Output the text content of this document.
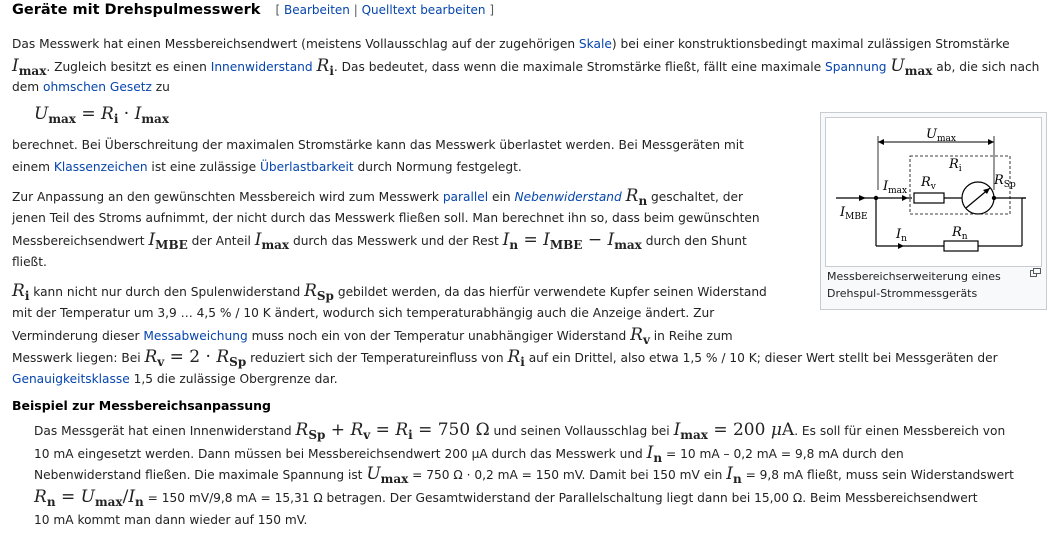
Geräte mit Drehspulmesswerk [ Bearbeiten | Quelltext bearbeiten ]
Das Messwerk hat einen Messbereichsendwert (meistens Vollausschlag auf der zugehörigen Skale) bei einer konstruktionsbedingt maximal zulässigen Stromstärke
Imax. Zugleich besitzt es einen Innenwiderstand Ri. Das bedeutet, dass wenn die maximale Stromstärke fließt, fällt eine maximale Spannung Umax ab, die sich nach
dem ohmschen Gesetz zu
Umax = Ri · Imax
berechnet. Bei Überschreitung der maximalen Stromstärke kann das Messwerk überlastet werden. Bei Messgeräten mit
einem Klassenzeichen ist eine zulässige Überlastbarkeit durch Normung festgelegt.
Zur Anpassung an den gewünschten Messbereich wird zum Messwerk parallel ein Nebenwiderstand Rn geschaltet, der
jenen Teil des Stroms aufnimmt, der nicht durch das Messwerk fließen soll. Man berechnet ihn so, dass beim gewünschten
Messbereichsendwert IMBE der Anteil Imax durch das Messwerk und der Rest In = IMBE − Imax durch den Shunt
fließt.
Ri kann nicht nur durch den Spulenwiderstand RSp gebildet werden, da das hierfür verwendete Kupfer seinen Widerstand
mit der Temperatur um 3,9 … 4,5 % / 10 K ändert, wodurch sich temperaturabhängig auch die Anzeige ändert. Zur
Verminderung dieser Messabweichung muss noch ein von der Temperatur unabhängiger Widerstand Rv in Reihe zum
Messwerk liegen: Bei Rv = 2 · RSp reduziert sich der Temperatureinfluss von Ri auf ein Drittel, also etwa 1,5 % / 10 K; dieser Wert stellt bei Messgeräten der
Genauigkeitsklasse 1,5 die zulässige Obergrenze dar.
Beispiel zur Messbereichsanpassung
Das Messgerät hat einen Innenwiderstand RSp + Rv = Ri = 750 Ω und seinen Vollausschlag bei Imax = 200 μA. Es soll für einen Messbereich von
10 mA eingesetzt werden. Dann müssen bei Messbereichsendwert 200 µA durch das Messwerk und In = 10 mA – 0,2 mA = 9,8 mA durch den
Nebenwiderstand fließen. Die maximale Spannung ist Umax = 750 Ω · 0,2 mA = 150 mV. Damit bei 150 mV ein In = 9,8 mA fließt, muss sein Widerstandswert
Rn = Umax/In = 150 mV/9,8 mA = 15,31 Ω betragen. Der Gesamtwiderstand der Parallelschaltung liegt dann bei 15,00 Ω. Beim Messbereichsendwert
10 mA kommt man dann wieder auf 150 mV.
$U_{max}$
$R_i$
$R_v$	$R_{Sp}$
$I_{max}$
$I_{MBE}$
$I_n$	$R_n$
Messbereichserweiterung eines Drehspul-Strommessgeräts
